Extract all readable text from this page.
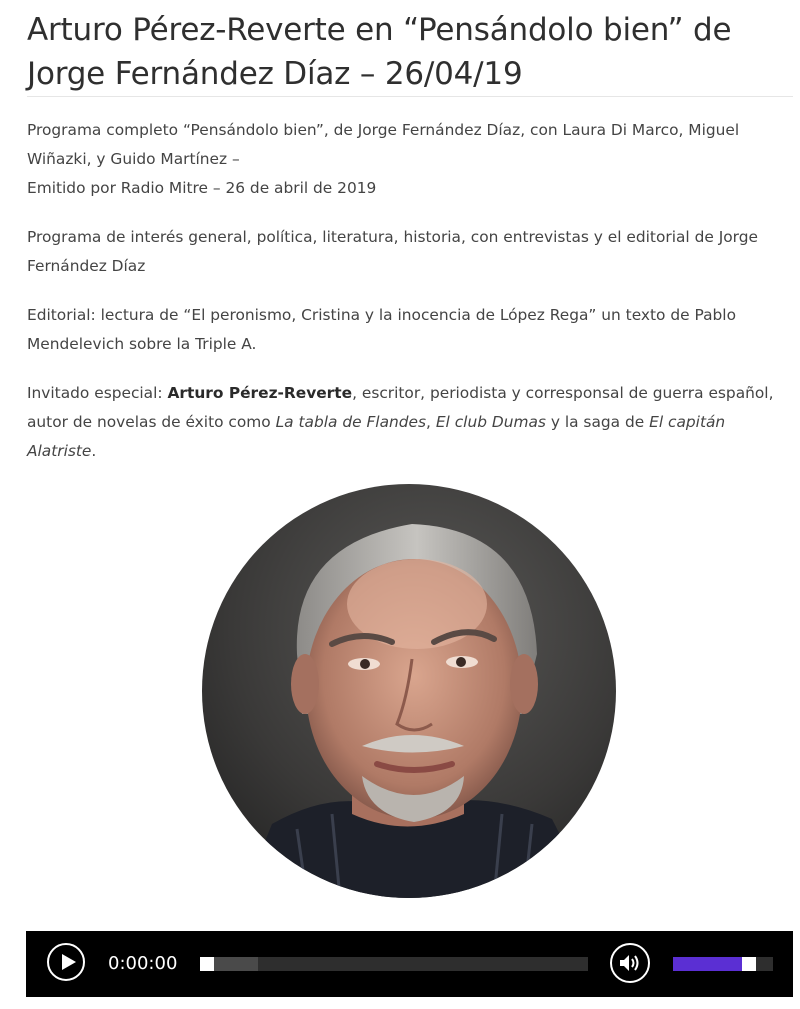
Arturo Pérez-Reverte en “Pensándolo bien” de Jorge Fernández Díaz – 26/04/19

Programa completo “Pensándolo bien”, de Jorge Fernández Díaz, con Laura Di Marco, Miguel Wiñazki, y Guido Martínez –
Emitido por Radio Mitre – 26 de abril de 2019

Programa de interés general, política, literatura, historia, con entrevistas y el editorial de Jorge Fernández Díaz

Editorial: lectura de “El peronismo, Cristina y la inocencia de López Rega” un texto de Pablo Mendelevich sobre la Triple A.

Invitado especial: Arturo Pérez-Reverte, escritor, periodista y corresponsal de guerra español, autor de novelas de éxito como La tabla de Flandes, El club Dumas y la saga de El capitán Alatriste.

0:00:00
